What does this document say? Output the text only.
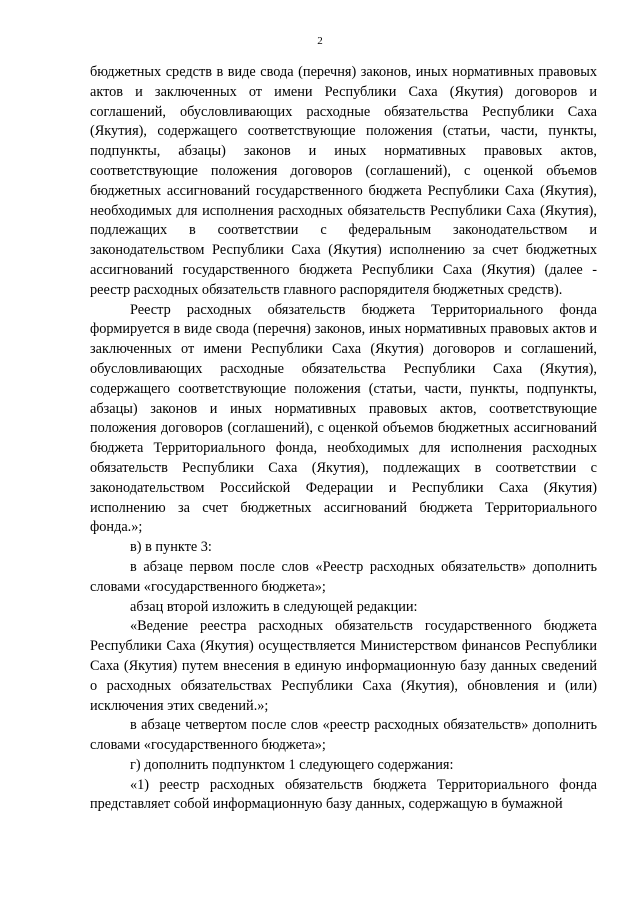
2

бюджетных средств в виде свода (перечня) законов, иных нормативных правовых актов и заключенных от имени Республики Саха (Якутия) договоров и соглашений, обусловливающих расходные обязательства Республики Саха (Якутия), содержащего соответствующие положения (статьи, части, пункты, подпункты, абзацы) законов и иных нормативных правовых актов, соответствующие положения договоров (соглашений), с оценкой объемов бюджетных ассигнований государственного бюджета Республики Саха (Якутия), необходимых для исполнения расходных обязательств Республики Саха (Якутия), подлежащих в соответствии с федеральным законодательством и законодательством Республики Саха (Якутия) исполнению за счет бюджетных ассигнований государственного бюджета Республики Саха (Якутия) (далее - реестр расходных обязательств главного распорядителя бюджетных средств).

Реестр расходных обязательств бюджета Территориального фонда формируется в виде свода (перечня) законов, иных нормативных правовых актов и заключенных от имени Республики Саха (Якутия) договоров и соглашений, обусловливающих расходные обязательства Республики Саха (Якутия), содержащего соответствующие положения (статьи, части, пункты, подпункты, абзацы) законов и иных нормативных правовых актов, соответствующие положения договоров (соглашений), с оценкой объемов бюджетных ассигнований бюджета Территориального фонда, необходимых для исполнения расходных обязательств Республики Саха (Якутия), подлежащих в соответствии с законодательством Российской Федерации и Республики Саха (Якутия) исполнению за счет бюджетных ассигнований бюджета Территориального фонда.»;

в) в пункте 3:

в абзаце первом после слов «Реестр расходных обязательств» дополнить словами «государственного бюджета»;

абзац второй изложить в следующей редакции:

«Ведение реестра расходных обязательств государственного бюджета Республики Саха (Якутия) осуществляется Министерством финансов Республики Саха (Якутия) путем внесения в единую информационную базу данных сведений о расходных обязательствах Республики Саха (Якутия), обновления и (или) исключения этих сведений.»;

в абзаце четвертом после слов «реестр расходных обязательств» дополнить словами «государственного бюджета»;

г) дополнить подпунктом 1 следующего содержания:

«1) реестр расходных обязательств бюджета Территориального фонда представляет собой информационную базу данных, содержащую в бумажной
